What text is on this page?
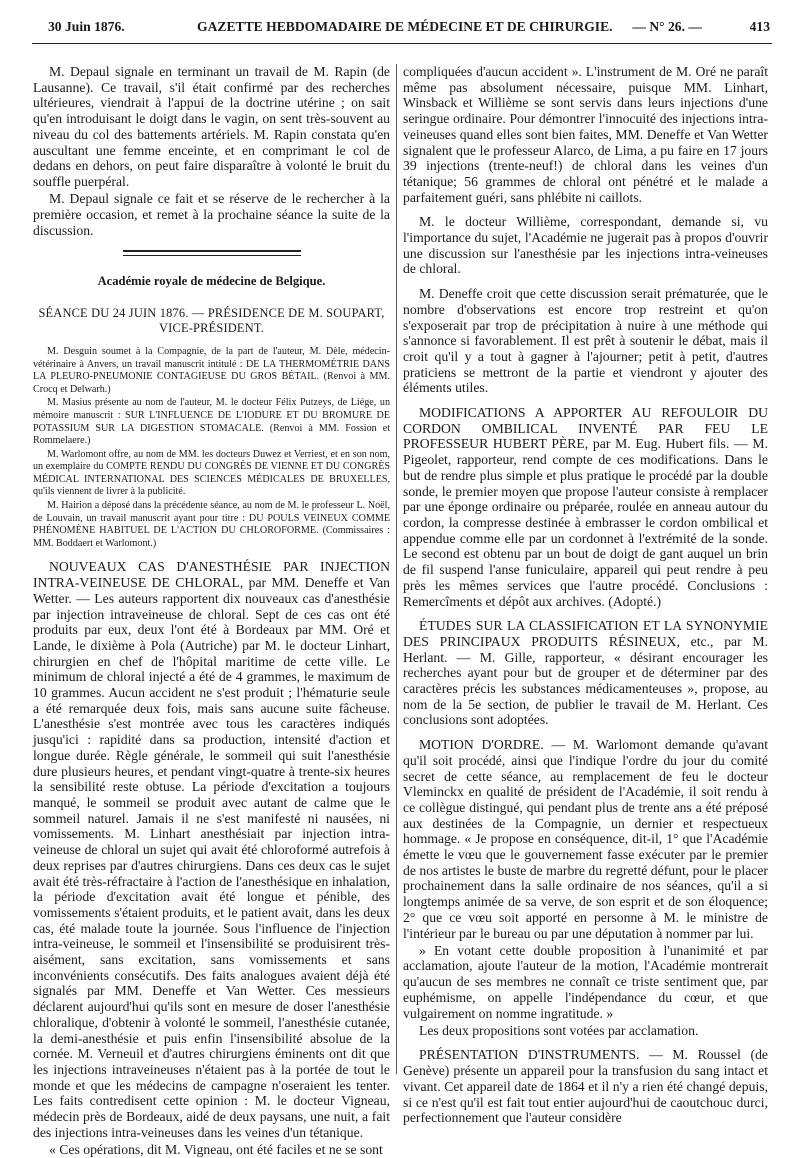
30 Juin 1876.	GAZETTE HEBDOMADAIRE DE MÉDECINE ET DE CHIRURGIE. — N° 26. —	413

M. Depaul signale en terminant un travail de M. Rapin (de Lausanne). Ce travail, s'il était confirmé par des recherches ultérieures, viendrait à l'appui de la doctrine utérine ; on sait qu'en introduisant le doigt dans le vagin, on sent très-souvent au niveau du col des battements artériels. M. Rapin constata qu'en auscultant une femme enceinte, et en comprimant le col de dedans en dehors, on peut faire disparaître à volonté le bruit du souffle puerpéral.

M. Depaul signale ce fait et se réserve de le rechercher à la première occasion, et remet à la prochaine séance la suite de la discussion.

Académie royale de médecine de Belgique.
SÉANCE DU 24 JUIN 1876. — PRÉSIDENCE DE M. SOUPART, VICE-PRÉSIDENT.

M. Desguin soumet à la Compagnie, de la part de l'auteur, M. Dèle, médecin-vétérinaire à Anvers, un travail manuscrit intitulé : DE LA THERMOMÉTRIE DANS LA PLEURO-PNEUMONIE CONTAGIEUSE DU GROS BÉTAIL. (Renvoi à MM. Crocq et Delwarh.)

M. Masius présente au nom de l'auteur, M. le docteur Félix Putzeys, de Liége, un mémoire manuscrit : SUR L'INFLUENCE DE L'IODURE ET DU BROMURE DE POTASSIUM SUR LA DIGESTION STOMACALE. (Renvoi à MM. Fossion et Rommelaere.)

M. Warlomont offre, au nom de MM. les docteurs Duwez et Verriest, et en son nom, un exemplaire du COMPTE RENDU DU CONGRÈS DE VIENNE ET DU CONGRÈS MÉDICAL INTERNATIONAL DES SCIENCES MÉDICALES DE BRUXELLES, qu'ils viennent de livrer à la publicité.

M. Hairion a déposé dans la précédente séance, au nom de M. le professeur L. Noël, de Louvain, un travail manuscrit ayant pour titre : DU POULS VEINEUX COMME PHÉNOMÈNE HABITUEL DE L'ACTION DU CHLOROFORME. (Commissaires : MM. Boddaert et Warlomont.)

NOUVEAUX CAS D'ANESTHÉSIE PAR INJECTION INTRA-VEINEUSE DE CHLORAL, par MM. Deneffe et Van Wetter. — Les auteurs rapportent dix nouveaux cas d'anesthésie par injection intraveineuse de chloral. Sept de ces cas ont été produits par eux, deux l'ont été à Bordeaux par MM. Oré et Lande, le dixième à Pola (Autriche) par M. le docteur Linhart, chirurgien en chef de l'hôpital maritime de cette ville. Le minimum de chloral injecté a été de 4 grammes, le maximum de 10 grammes. Aucun accident ne s'est produit ; l'hématurie seule a été remarquée deux fois, mais sans aucune suite fâcheuse. L'anesthésie s'est montrée avec tous les caractères indiqués jusqu'ici : rapidité dans sa production, intensité d'action et longue durée. Règle générale, le sommeil qui suit l'anesthésie dure plusieurs heures, et pendant vingt-quatre à trente-six heures la sensibilité reste obtuse. La période d'excitation a toujours manqué, le sommeil se produit avec autant de calme que le sommeil naturel. Jamais il ne s'est manifesté ni nausées, ni vomissements. M. Linhart anesthésiait par injection intra-veineuse de chloral un sujet qui avait été chloroformé autrefois à deux reprises par d'autres chirurgiens. Dans ces deux cas le sujet avait été très-réfractaire à l'action de l'anesthésique en inhalation, la période d'excitation avait été longue et pénible, des vomissements s'étaient produits, et le patient avait, dans les deux cas, été malade toute la journée. Sous l'influence de l'injection intra-veineuse, le sommeil et l'insensibilité se produisirent très-aisément, sans excitation, sans vomissements et sans inconvénients consécutifs. Des faits analogues avaient déjà été signalés par MM. Deneffe et Van Wetter. Ces messieurs déclarent aujourd'hui qu'ils sont en mesure de doser l'anesthésie chloralique, d'obtenir à volonté le sommeil, l'anesthésie cutanée, la demi-anesthésie et puis enfin l'insensibilité absolue de la cornée. M. Verneuil et d'autres chirurgiens éminents ont dit que les injections intraveineuses n'étaient pas à la portée de tout le monde et que les médecins de campagne n'oseraient les tenter. Les faits contredisent cette opinion : M. le docteur Vigneau, médecin près de Bordeaux, aidé de deux paysans, une nuit, a fait des injections intra-veineuses dans les veines d'un tétanique.

« Ces opérations, dit M. Vigneau, ont été faciles et ne se sont

compliquées d'aucun accident ». L'instrument de M. Oré ne paraît même pas absolument nécessaire, puisque MM. Linhart, Winsback et Willième se sont servis dans leurs injections d'une seringue ordinaire. Pour démontrer l'innocuité des injections intra-veineuses quand elles sont bien faites, MM. Deneffe et Van Wetter signalent que le professeur Alarco, de Lima, a pu faire en 17 jours 39 injections (trente-neuf!) de chloral dans les veines d'un tétanique; 56 grammes de chloral ont pénétré et le malade a parfaitement guéri, sans phlébite ni caillots.

M. le docteur Willième, correspondant, demande si, vu l'importance du sujet, l'Académie ne jugerait pas à propos d'ouvrir une discussion sur l'anesthésie par les injections intra-veineuses de chloral.

M. Deneffe croit que cette discussion serait prématurée, que le nombre d'observations est encore trop restreint et qu'on s'exposerait par trop de précipitation à nuire à une méthode qui s'annonce si favorablement. Il est prêt à soutenir le débat, mais il croit qu'il y a tout à gagner à l'ajourner; petit à petit, d'autres praticiens se mettront de la partie et viendront y ajouter des éléments utiles.

MODIFICATIONS A APPORTER AU REFOULOIR DU CORDON OMBILICAL INVENTÉ PAR FEU LE PROFESSEUR HUBERT PÈRE, par M. Eug. Hubert fils. — M. Pigeolet, rapporteur, rend compte de ces modifications. Dans le but de rendre plus simple et plus pratique le procédé par la double sonde, le premier moyen que propose l'auteur consiste à remplacer par une éponge ordinaire ou préparée, roulée en anneau autour du cordon, la compresse destinée à embrasser le cordon ombilical et appendue comme elle par un cordonnet à l'extrémité de la sonde. Le second est obtenu par un bout de doigt de gant auquel un brin de fil suspend l'anse funiculaire, appareil qui peut rendre à peu près les mêmes services que l'autre procédé. Conclusions : Remercîments et dépôt aux archives. (Adopté.)

ÉTUDES SUR LA CLASSIFICATION ET LA SYNONYMIE DES PRINCIPAUX PRODUITS RÉSINEUX, etc., par M. Herlant. — M. Gille, rapporteur, « désirant encourager les recherches ayant pour but de grouper et de déterminer par des caractères précis les substances médicamenteuses », propose, au nom de la 5e section, de publier le travail de M. Herlant. Ces conclusions sont adoptées.

MOTION D'ORDRE. — M. Warlomont demande qu'avant qu'il soit procédé, ainsi que l'indique l'ordre du jour du comité secret de cette séance, au remplacement de feu le docteur Vleminckx en qualité de président de l'Académie, il soit rendu à ce collègue distingué, qui pendant plus de trente ans a été préposé aux destinées de la Compagnie, un dernier et respectueux hommage. « Je propose en conséquence, dit-il, 1° que l'Académie émette le vœu que le gouvernement fasse exécuter par le premier de nos artistes le buste de marbre du regretté défunt, pour le placer prochainement dans la salle ordinaire de nos séances, qu'il a si longtemps animée de sa verve, de son esprit et de son éloquence; 2° que ce vœu soit apporté en personne à M. le ministre de l'intérieur par le bureau ou par une députation à nommer par lui.

» En votant cette double proposition à l'unanimité et par acclamation, ajoute l'auteur de la motion, l'Académie montrerait qu'aucun de ses membres ne connaît ce triste sentiment que, par euphémisme, on appelle l'indépendance du cœur, et que vulgairement on nomme ingratitude. »

Les deux propositions sont votées par acclamation.

PRÉSENTATION D'INSTRUMENTS. — M. Roussel (de Genève) présente un appareil pour la transfusion du sang intact et vivant. Cet appareil date de 1864 et il n'y a rien été changé depuis, si ce n'est qu'il est fait tout entier aujourd'hui de caoutchouc durci, perfectionnement que l'auteur considère
